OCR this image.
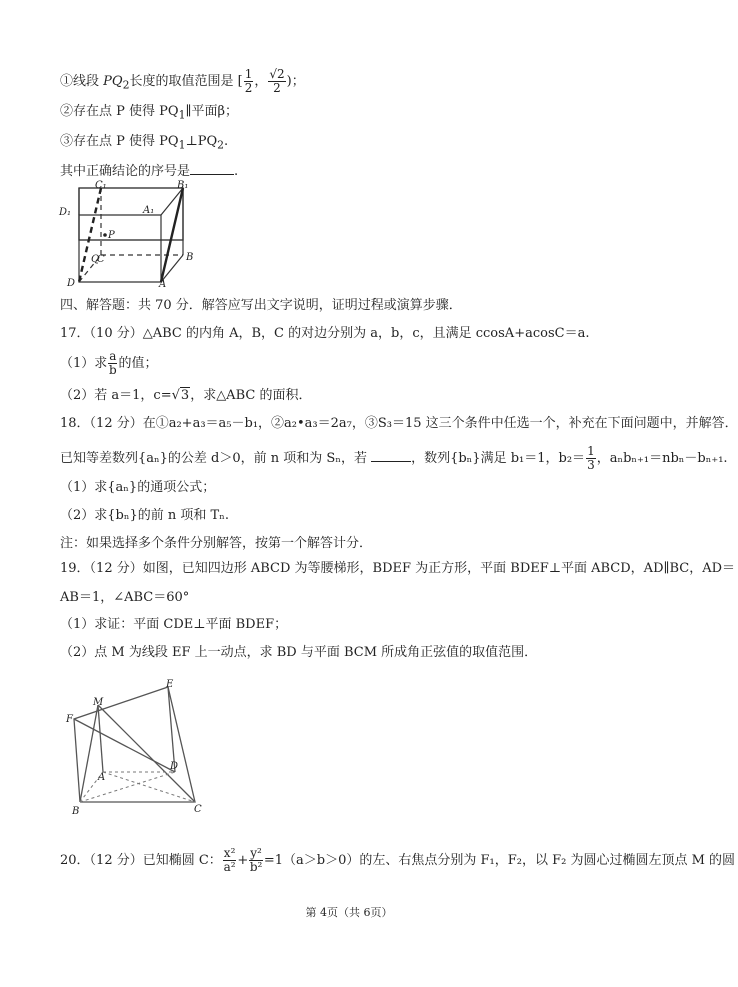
①线段 $PQ_2$长度的取值范围是 [ $\frac{1}{2}$ ， $\frac{√2}{2}$ )；
②存在点 P 使得 $PQ_1\parallel$平面β；
③存在点 P 使得 $PQ_1\perp PQ_2$.
其中正确结论的序号是	.
C₁	B₁
D₁	A₁
P
Q
C	B
D	A
四、解答题：共 70 分．解答应写出文字说明，证明过程或演算步骤．
17．（10 分）△ABC 的内角 A，B，C 的对边分别为 a，b，c，且满足 ccosA+acosC＝a.
（1）求 $\frac{a}{b}$ 的值；
（2）若 a＝1，c=√3，求△ABC 的面积．
18．（12 分）在①a₂+a₃＝a₅－b₁，②a₂•a₃＝2a₇，③S₃＝15 这三个条件中任选一个，补充在下面问题中，并解答．
已知等差数列{aₙ}的公差 d＞0，前 n 项和为 Sₙ，若	，数列{bₙ}满足 b₁＝1，$b_2= \frac{1}{3}$ ，aₙbₙ₊₁＝nbₙ－bₙ₊₁.
（1）求{aₙ}的通项公式；
（2）求{bₙ}的前 n 项和 Tₙ.
注：如果选择多个条件分别解答，按第一个解答计分．
19．（12 分）如图，已知四边形 ABCD 为等腰梯形，BDEF 为正方形，平面 BDEF⊥平面 ABCD，AD∥BC，AD＝
AB＝1，∠ABC＝60°
（1）求证：平面 CDE⊥平面 BDEF；
（2）点 M 为线段 EF 上一动点，求 BD 与平面 BCM 所成角正弦值的取值范围．
E
M
F
A
D
B	C
20．（12 分）已知椭圆 C： $\frac{\text{x²}}{\text{a²}} + \frac{\text{y²}}{\text{b²}} =1(a>b>0)$的左、右焦点分别为 F₁，F₂，以 F₂ 为圆心过椭圆左顶点 M 的圆
第 4页（共 6页）
